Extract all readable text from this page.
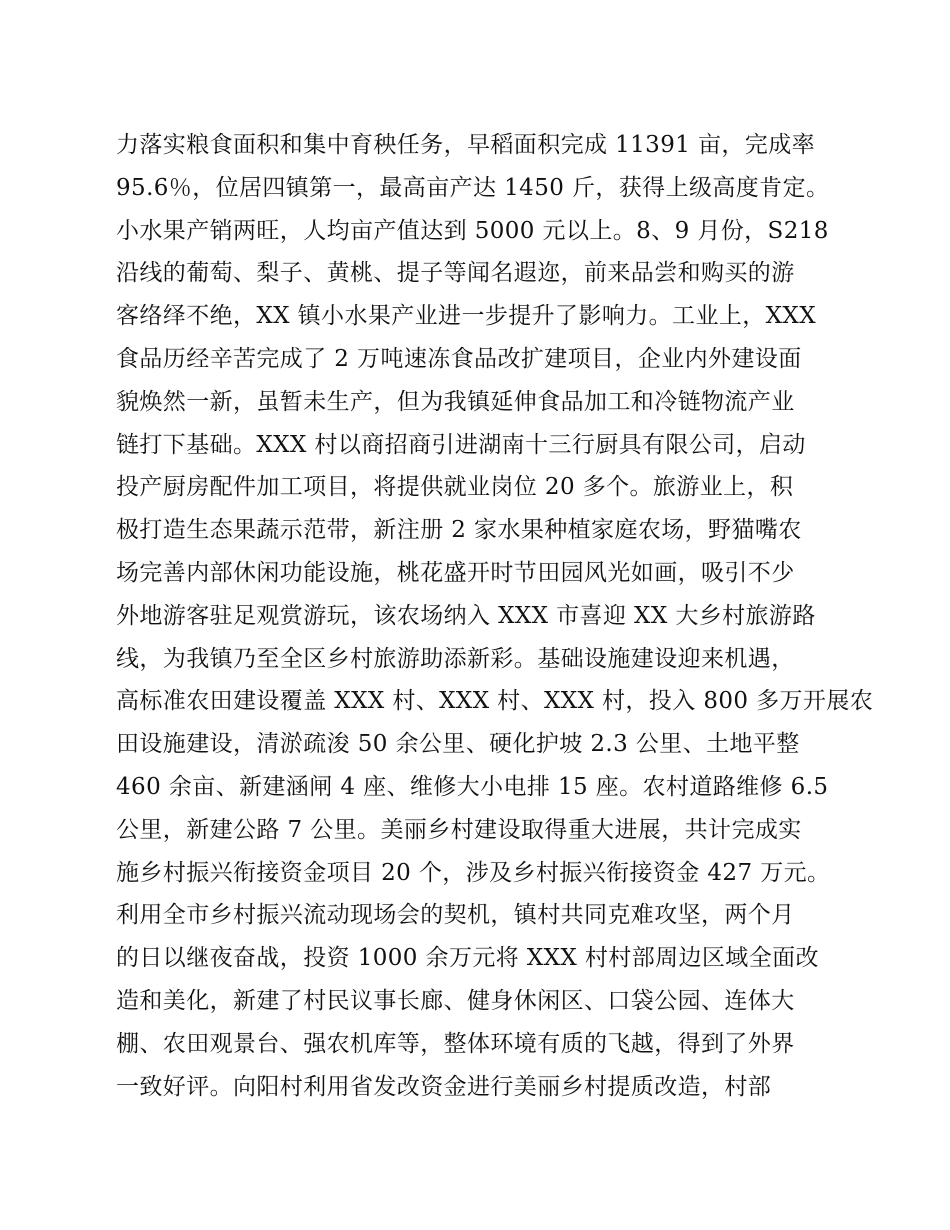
力落实粮食面积和集中育秧任务，早稻面积完成 11391 亩，完成率
95.6％，位居四镇第一，最高亩产达 1450 斤，获得上级高度肯定。
小水果产销两旺，人均亩产值达到 5000 元以上。8、9 月份，S218
沿线的葡萄、梨子、黄桃、提子等闻名遐迩，前来品尝和购买的游
客络绎不绝，XX 镇小水果产业进一步提升了影响力。工业上，XXX
食品历经辛苦完成了 2 万吨速冻食品改扩建项目，企业内外建设面
貌焕然一新，虽暂未生产，但为我镇延伸食品加工和冷链物流产业
链打下基础。XXX 村以商招商引进湖南十三行厨具有限公司，启动
投产厨房配件加工项目，将提供就业岗位 20 多个。旅游业上，积
极打造生态果蔬示范带，新注册 2 家水果种植家庭农场，野猫嘴农
场完善内部休闲功能设施，桃花盛开时节田园风光如画，吸引不少
外地游客驻足观赏游玩，该农场纳入 XXX 市喜迎 XX 大乡村旅游路
线，为我镇乃至全区乡村旅游助添新彩。基础设施建设迎来机遇，
高标准农田建设覆盖 XXX 村、XXX 村、XXX 村，投入 800 多万开展农
田设施建设，清淤疏浚 50 余公里、硬化护坡 2.3 公里、土地平整
460 余亩、新建涵闸 4 座、维修大小电排 15 座。农村道路维修 6.5
公里，新建公路 7 公里。美丽乡村建设取得重大进展，共计完成实
施乡村振兴衔接资金项目 20 个，涉及乡村振兴衔接资金 427 万元。
利用全市乡村振兴流动现场会的契机，镇村共同克难攻坚，两个月
的日以继夜奋战，投资 1000 余万元将 XXX 村村部周边区域全面改
造和美化，新建了村民议事长廊、健身休闲区、口袋公园、连体大
棚、农田观景台、强农机库等，整体环境有质的飞越，得到了外界
一致好评。向阳村利用省发改资金进行美丽乡村提质改造，村部
